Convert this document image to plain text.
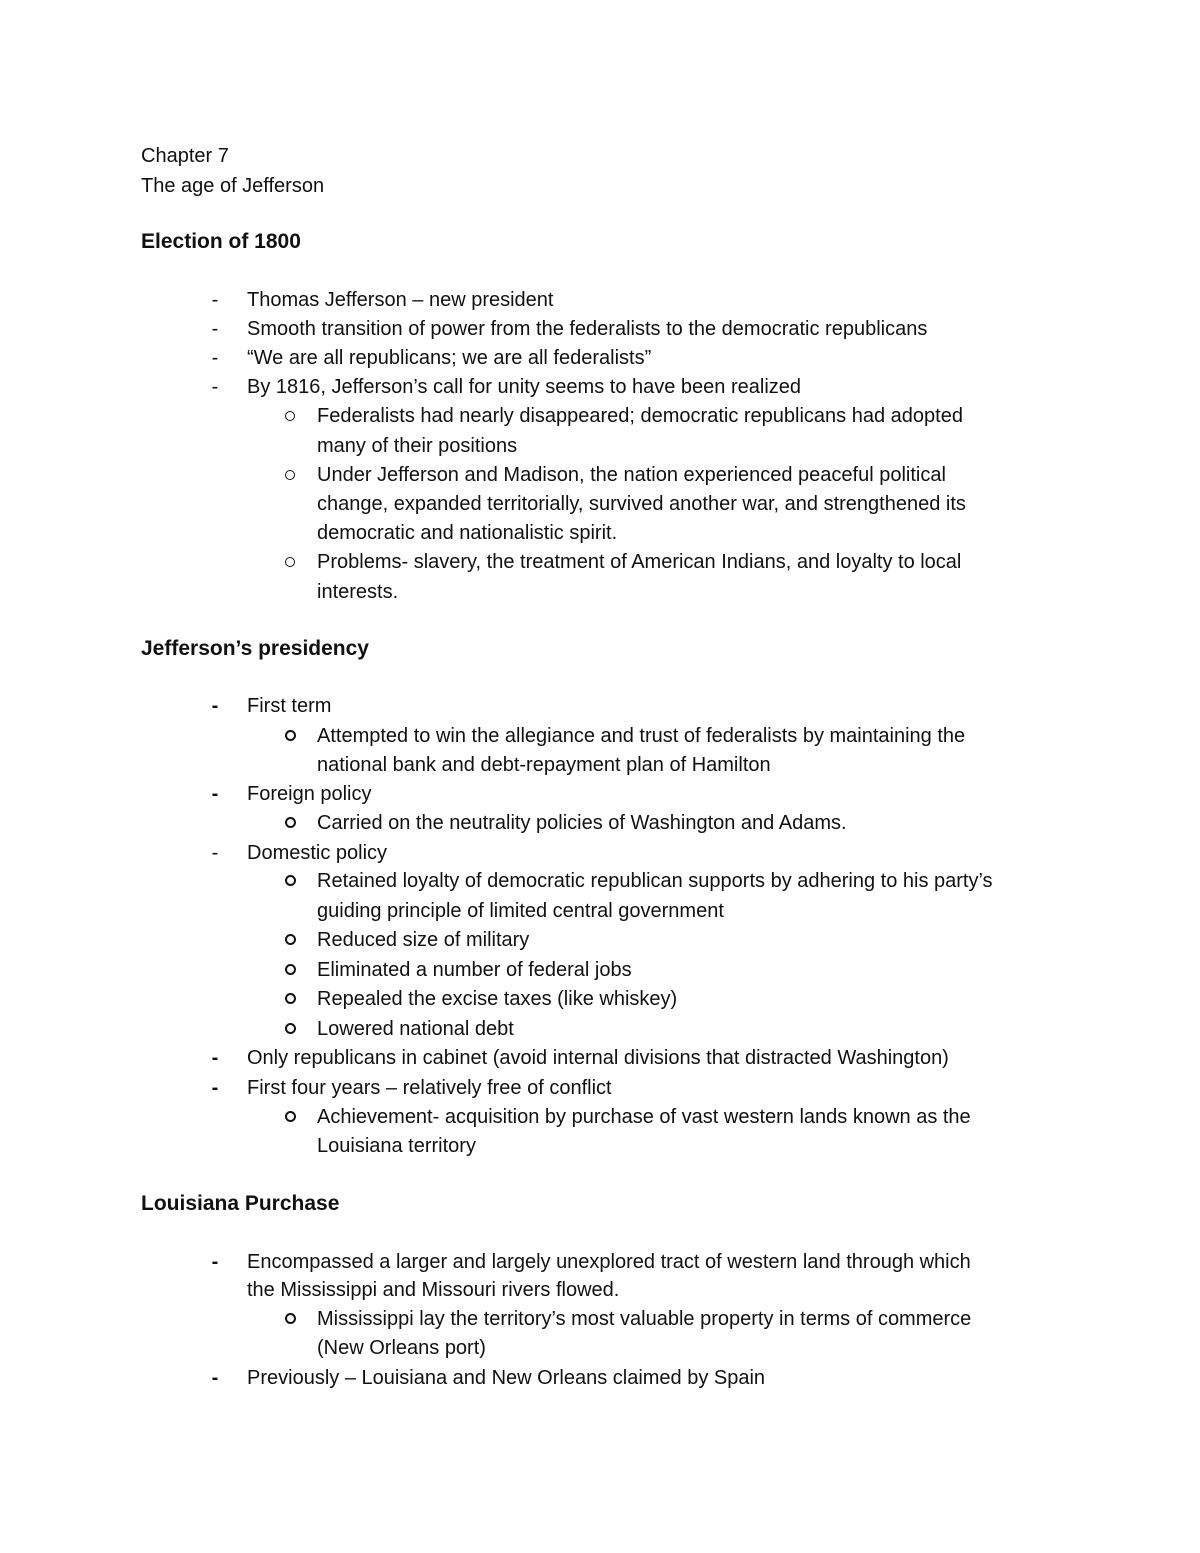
Chapter 7
The age of Jefferson
Election of 1800
-	Thomas Jefferson – new president
-	Smooth transition of power from the federalists to the democratic republicans
-	“We are all republicans; we are all federalists”
-	By 1816, Jefferson’s call for unity seems to have been realized
Federalists had nearly disappeared; democratic republicans had adopted
many of their positions
Under Jefferson and Madison, the nation experienced peaceful political
change, expanded territorially, survived another war, and strengthened its
democratic and nationalistic spirit.
Problems- slavery, the treatment of American Indians, and loyalty to local
interests.
Jefferson’s presidency
-	First term
Attempted to win the allegiance and trust of federalists by maintaining the
national bank and debt-repayment plan of Hamilton
-	Foreign policy
Carried on the neutrality policies of Washington and Adams.
-	Domestic policy
Retained loyalty of democratic republican supports by adhering to his party’s
guiding principle of limited central government
Reduced size of military
Eliminated a number of federal jobs
Repealed the excise taxes (like whiskey)
Lowered national debt
-	Only republicans in cabinet (avoid internal divisions that distracted Washington)
-	First four years – relatively free of conflict
Achievement- acquisition by purchase of vast western lands known as the
Louisiana territory
Louisiana Purchase
-	Encompassed a larger and largely unexplored tract of western land through which
the Mississippi and Missouri rivers flowed.
Mississippi lay the territory’s most valuable property in terms of commerce
(New Orleans port)
-	Previously – Louisiana and New Orleans claimed by Spain
